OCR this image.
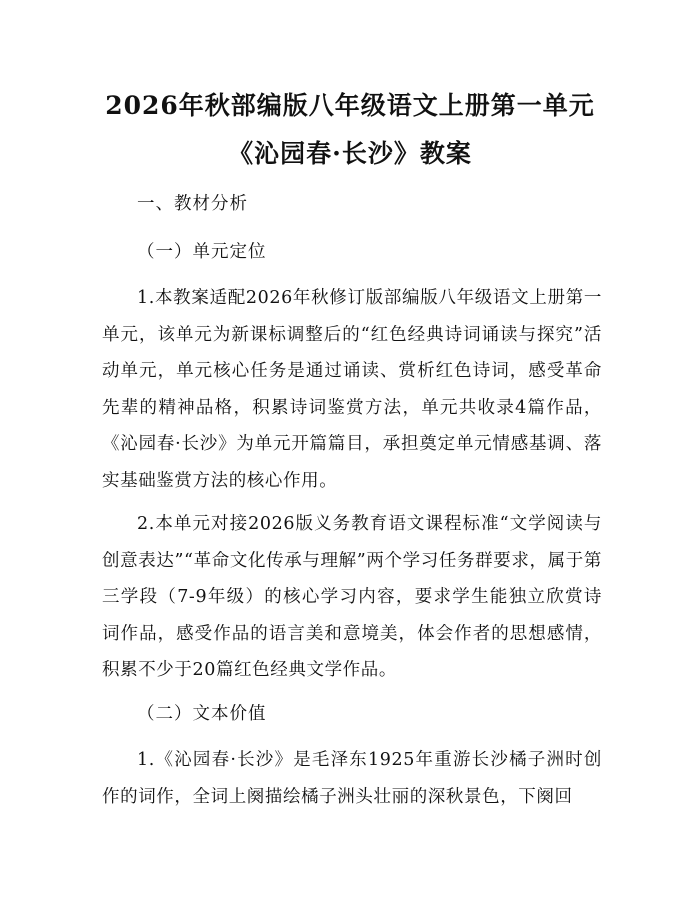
2026年秋部编版八年级语文上册第一单元
《沁园春·长沙》教案
一、教材分析
（一）单元定位
1.本教案适配2026年秋修订版部编版八年级语文上册第一单元，该单元为新课标调整后的“红色经典诗词诵读与探究”活动单元，单元核心任务是通过诵读、赏析红色诗词，感受革命先辈的精神品格，积累诗词鉴赏方法，单元共收录4篇作品，《沁园春·长沙》为单元开篇篇目，承担奠定单元情感基调、落实基础鉴赏方法的核心作用。
2.本单元对接2026版义务教育语文课程标准“文学阅读与创意表达”“革命文化传承与理解”两个学习任务群要求，属于第三学段（7-9年级）的核心学习内容，要求学生能独立欣赏诗词作品，感受作品的语言美和意境美，体会作者的思想感情，积累不少于20篇红色经典文学作品。
（二）文本价值
1.《沁园春·长沙》是毛泽东1925年重游长沙橘子洲时创作的词作，全词上阕描绘橘子洲头壮丽的深秋景色，下阕回
